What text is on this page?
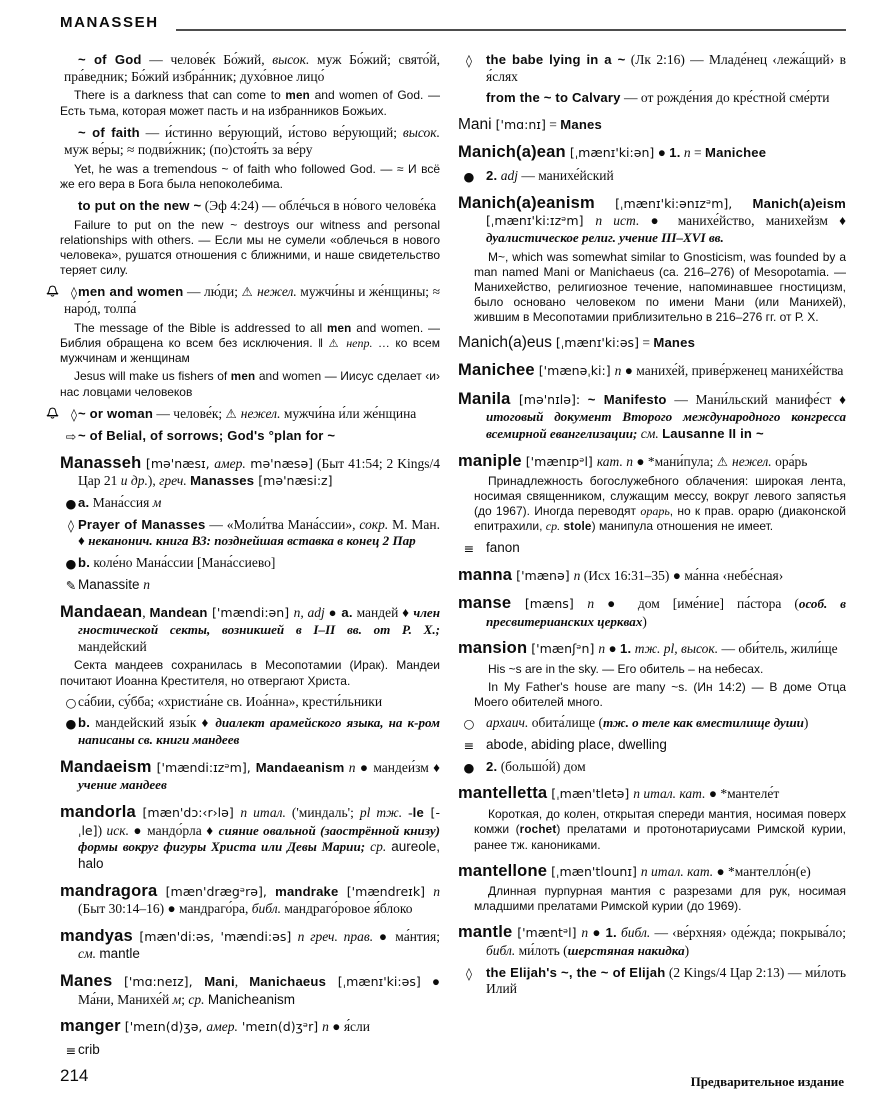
MANASSEH

~ of God — челове́к Бо́жий, высок. муж Бо́жий; свято́й, пра́ведник; Бо́жий избра́нник; духо́вное лицо́

There is a darkness that can come to men and women of God. — Есть тьма, которая может пасть и на избранников Божьих.

~ of faith — и́стинно ве́рующий, и́стово ве́рующий; высок. муж ве́ры; ≈ подви́жник; (по)стоя́ть за ве́ру

Yet, he was a tremendous ~ of faith who followed God. — ≈ И всё же его вера в Бога была непоколебима.

to put on the new ~ (Эф 4:24) — обле́чься в но́вого челове́ка

Failure to put on the new ~ destroys our witness and personal relationships with others. — Если мы не сумели «облечься в нового человека», рушатся отношения с ближними, и наше свидетельство теряет силу.

◊ men and women — лю́ди; ⚠ нежел. мужчи́ны и же́нщины; ≈ наро́д, толпа́

The message of the Bible is addressed to all men and women. — Библия обращена ко всем без исключения. ‖ ⚠ непр. … ко всем мужчинам и женщинам

Jesus will make us fishers of men and women — Иисус сделает ‹и› нас ловцами человеков

◊ ~ or woman — челове́к; ⚠ нежел. мужчи́на и́ли же́нщина

⇨ ~ of Belial, of sorrows; God's °plan for ~

Manasseh [mə'næsɪ, амер. mə'næsə] (Быт 41:54; 2 Kings/4 Цар 21 и др.), греч. Manasses [mə'næsi:z]

● a. Мана́ссия м

◊ Prayer of Manasses — «Моли́тва Мана́ссии», сокр. М. Ман. ♦ неканонич. книга ВЗ: позднейшая вставка в конец 2 Пар

● b. коле́но Мана́ссии [Мана́ссиево]

✎ Manassite n

Mandaean, Mandean ['mændi:ən] n, adj ● a. мандей ♦ член гностической секты, возникшей в I–II вв. от Р. Х.; мандейский

Секта мандеев сохранилась в Месопотамии (Ирак). Мандеи почитают Иоанна Крестителя, но отвергают Христа.

○ са́бии, су́бба; «христиа́не св. Иоа́нна», крести́льники

● b. мандейский язы́к ♦ диалект арамейского языка, на к-ром написаны св. книги мандеев

Mandaeism ['mændi:ɪzᵊm], Mandaeanism n ● мандеи́зм ♦ учение мандеев

mandorla [mæn'dɔ:‹r›lə] n итал. ('миндаль'; pl тж. -le [-ˌle]) иск. ● мандо́рла ♦ сияние овальной (заострённой книзу) формы вокруг фигуры Христа или Девы Марии; ср. aureole, halo

mandragora [mæn'drægᵊrə], mandrake ['mændreɪk] n (Быт 30:14–16) ● мандраго́ра, библ. мандраго́ровое я́блоко

mandyas [mæn'di:əs, 'mændi:əs] n греч. прав. ● ма́нтия; см. mantle

Manes ['mɑ:neɪz], Mani, Manichaeus [ˌmænɪ'ki:əs] ● Ма́ни, Манихе́й м; ср. Manicheanism

manger ['meɪn(d)ʒə, амер. 'meɪn(d)ʒᵊr] n ● я́сли

≡ crib

◊	the babe lying in a ~ (Лк 2:16) — Младе́нец ‹лежа́щий› в я́слях

from the ~ to Calvary — от рожде́ния до кре́стной сме́рти

Mani ['mɑ:nɪ] = Manes

Manich(a)ean [ˌmænɪ'ki:ən] ● 1. n = Manichee

● 2. adj — манихе́йский

Manich(a)eanism [ˌmænɪ'ki:ənɪzᵊm], Manich(a)eism [ˌmænɪ'ki:ɪzᵊm] n ист. ● манихе́йство, манихейзм ♦ дуалистическое религ. учение III–XVI вв.

M~, which was somewhat similar to Gnosticism, was founded by a man named Mani or Manichaeus (ca. 216–276) of Mesopotamia. — Манихейство, религиозное течение, напоминавшее гностицизм, было основано человеком по имени Мани (или Манихей), жившим в Месопотамии приблизительно в 216–276 гг. от Р. Х.

Manich(a)eus [ˌmænɪ'ki:əs] = Manes

Manichee ['mænəˌki:] n ● манихе́й, приве́рженец манихе́йства

Manila [mə'nɪlə]: ~ Manifesto — Мани́льский манифе́ст ♦ итоговый документ Второго международного конгресса всемирной евангелизации; см. Lausanne II in ~

maniple ['mænɪpᵊl] кат. n ● *мани́пула; ⚠ нежел. ора́рь

Принадлежность богослужебного облачения: широкая лента, носимая священником, служащим мессу, вокруг левого запястья (до 1967). Иногда переводят орарь, но к прав. орарю (диаконской епитрахили, ср. stole) манипула отношения не имеет.

≡ fanon

manna ['mænə] n (Исх 16:31–35) ● ма́нна ‹небе́сная›

manse [mæns] n ● дом [име́ние] па́стора (особ. в пресвитерианских церквах)

mansion ['mænʃᵊn] n ● 1. тж. pl, высок. — оби́тель, жили́ще

His ~s are in the sky. — Его обитель – на небесах.

In My Father's house are many ~s. (Ин 14:2) — В доме Отца Моего обителей много.

○ архаич. обита́лище (тж. о теле как вместилище души)

≡ abode, abiding place, dwelling

● 2. (большо́й) дом

mantelletta [ˌmæn'tletə] n итал. кат. ● *мантеле́т

Короткая, до колен, открытая спереди мантия, носимая поверх комжи (rochet) прелатами и протонотариусами Римской курии, ранее тж. канониками.

mantellone [ˌmæn'tlounɪ] n итал. кат. ● *мантелло́н(е)

Длинная пурпурная мантия с разрезами для рук, носимая младшими прелатами Римской курии (до 1969).

mantle ['mæntᵊl] n ● 1. библ. — ‹ве́рхняя› оде́жда; покрыва́ло; библ. ми́лоть (шерстяная накидка)

◊	the Elijah's ~, the ~ of Elijah (2 Kings/4 Цар 2:13) — ми́лоть Илий

214	Предварительное издание
